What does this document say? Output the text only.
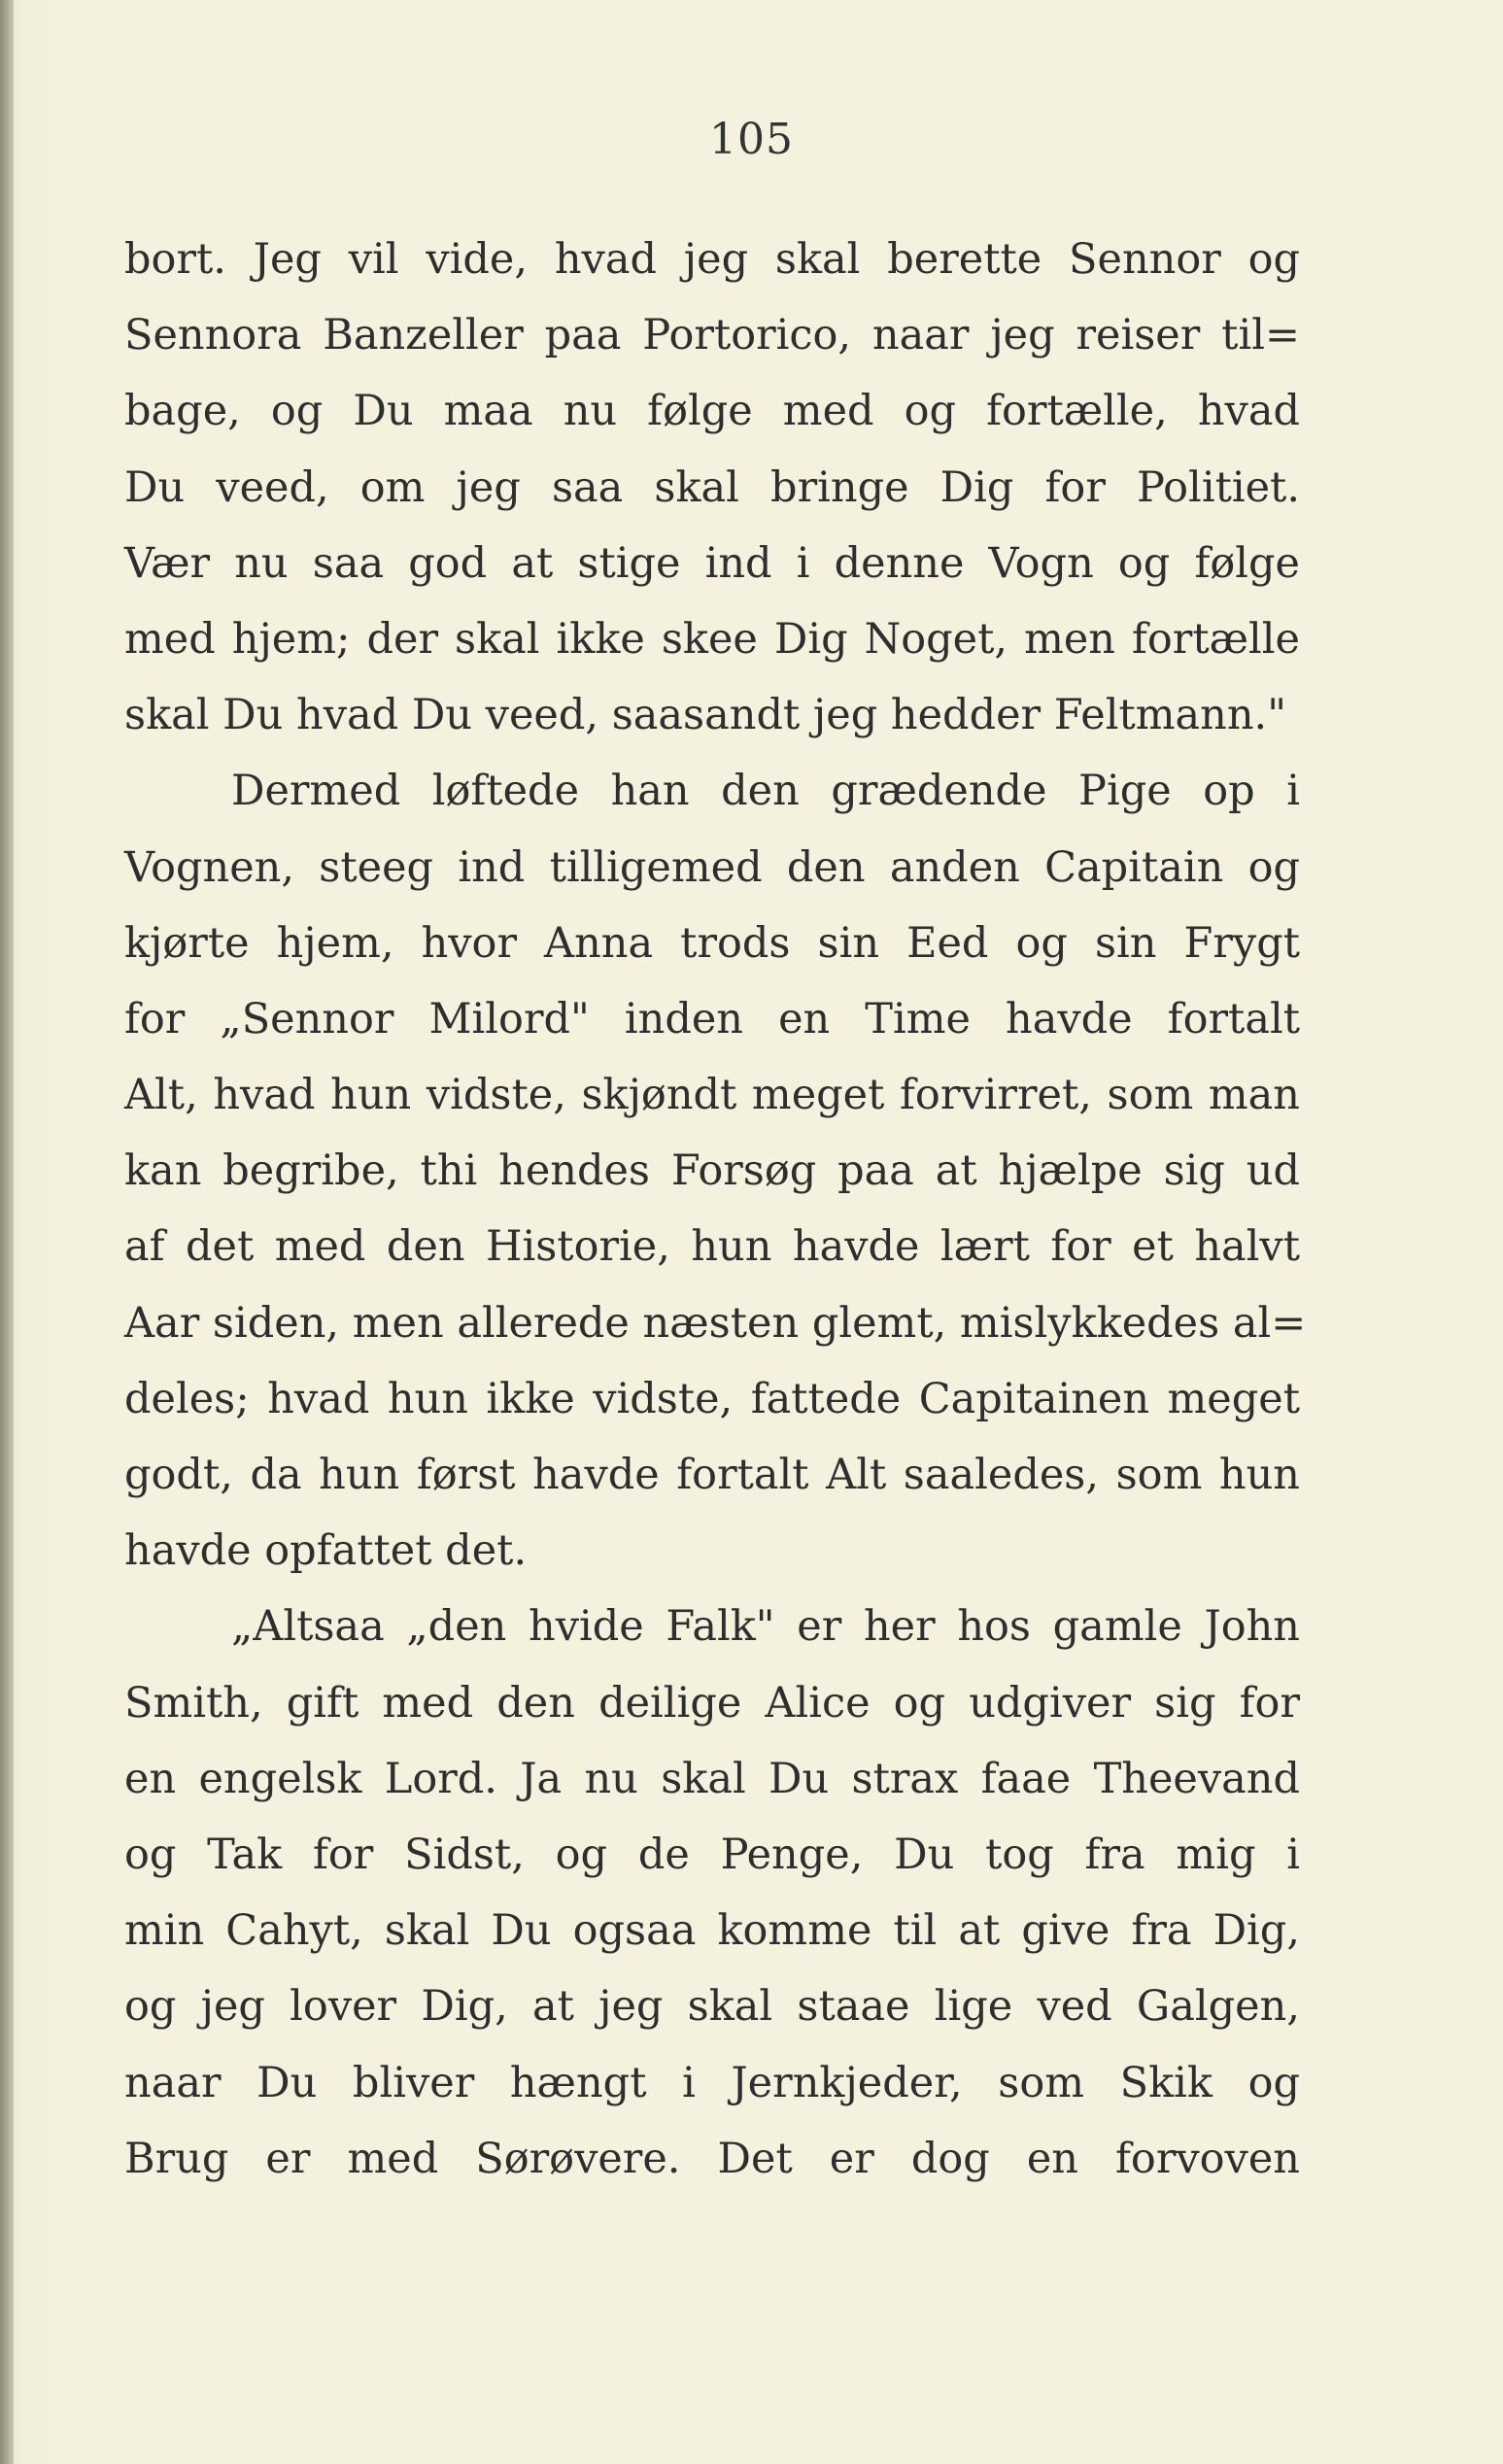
105
bort. Jeg vil vide, hvad jeg skal berette Sennor og
Sennora Banzeller paa Portorico, naar jeg reiser til=
bage, og Du maa nu følge med og fortælle, hvad
Du veed, om jeg saa skal bringe Dig for Politiet.
Vær nu saa god at stige ind i denne Vogn og følge
med hjem; der skal ikke skee Dig Noget, men fortælle
skal Du hvad Du veed, saasandt jeg hedder Feltmann."
Dermed løftede han den grædende Pige op i
Vognen, steeg ind tilligemed den anden Capitain og
kjørte hjem, hvor Anna trods sin Eed og sin Frygt
for „Sennor Milord" inden en Time havde fortalt
Alt, hvad hun vidste, skjøndt meget forvirret, som man
kan begribe, thi hendes Forsøg paa at hjælpe sig ud
af det med den Historie, hun havde lært for et halvt
Aar siden, men allerede næsten glemt, mislykkedes al=
deles; hvad hun ikke vidste, fattede Capitainen meget
godt, da hun først havde fortalt Alt saaledes, som hun
havde opfattet det.
„Altsaa „den hvide Falk" er her hos gamle John
Smith, gift med den deilige Alice og udgiver sig for
en engelsk Lord. Ja nu skal Du strax faae Theevand
og Tak for Sidst, og de Penge, Du tog fra mig i
min Cahyt, skal Du ogsaa komme til at give fra Dig,
og jeg lover Dig, at jeg skal staae lige ved Galgen,
naar Du bliver hængt i Jernkjeder, som Skik og
Brug er med Sørøvere. Det er dog en forvoven
